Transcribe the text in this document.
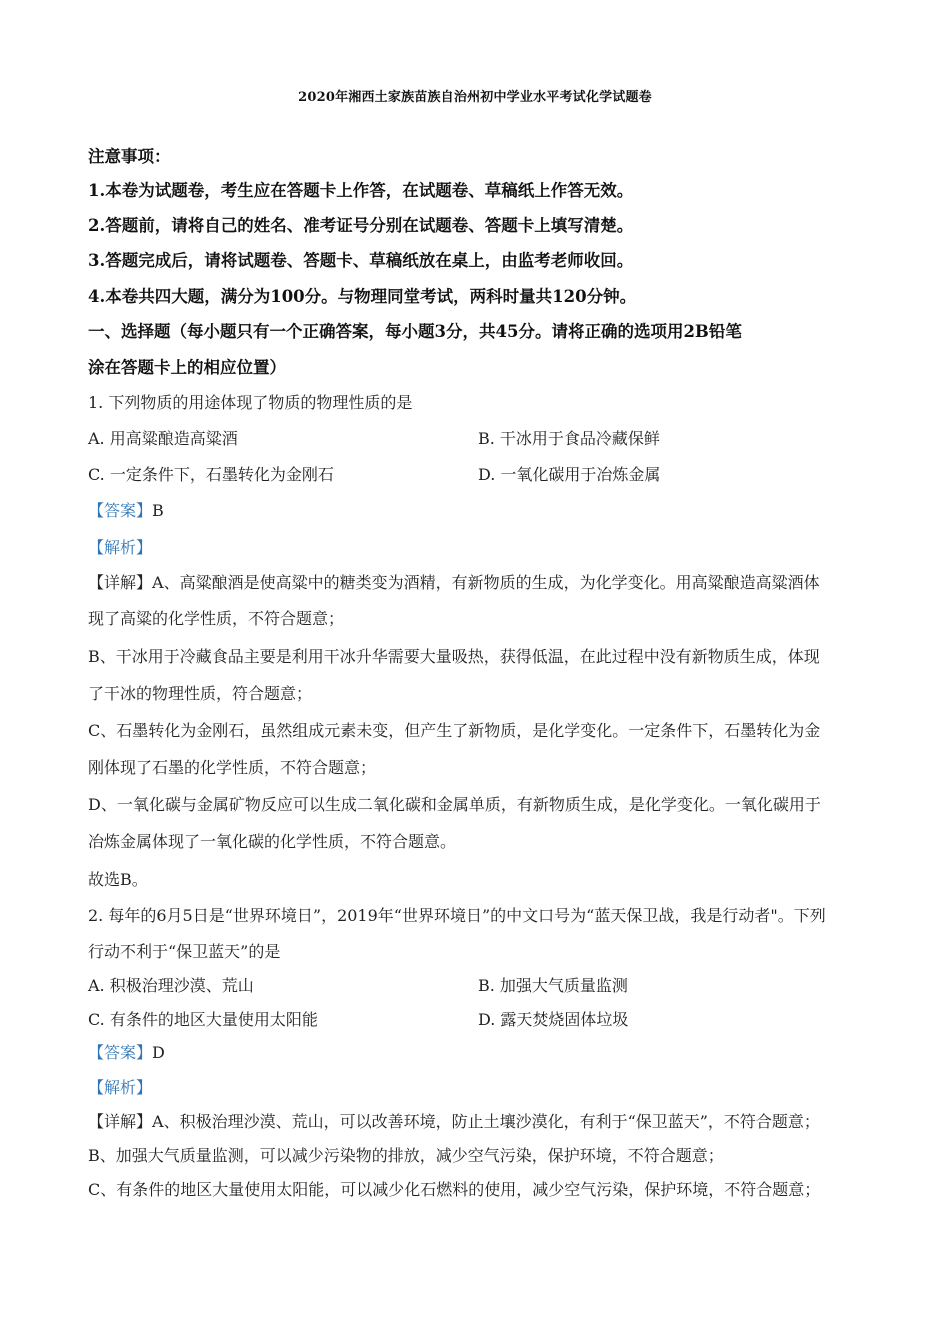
2020年湘西土家族苗族自治州初中学业水平考试化学试题卷
注意事项：
1.本卷为试题卷，考生应在答题卡上作答，在试题卷、草稿纸上作答无效。
2.答题前，请将自己的姓名、准考证号分别在试题卷、答题卡上填写清楚。
3.答题完成后，请将试题卷、答题卡、草稿纸放在桌上，由监考老师收回。
4.本卷共四大题，满分为100分。与物理同堂考试，两科时量共120分钟。
一、选择题（每小题只有一个正确答案，每小题3分，共45分。请将正确的选项用2B铅笔
涂在答题卡上的相应位置）
1. 下列物质的用途体现了物质的物理性质的是
A. 用高粱酿造高粱酒	B. 干冰用于食品冷藏保鲜
C. 一定条件下，石墨转化为金刚石	D. 一氧化碳用于冶炼金属
【答案】B
【解析】
【详解】A、高粱酿酒是使高粱中的糖类变为酒精，有新物质的生成，为化学变化。用高粱酿造高粱酒体
现了高粱的化学性质，不符合题意；
B、干冰用于冷藏食品主要是利用干冰升华需要大量吸热，获得低温，在此过程中没有新物质生成，体现
了干冰的物理性质，符合题意；
C、石墨转化为金刚石，虽然组成元素未变，但产生了新物质，是化学变化。一定条件下，石墨转化为金
刚体现了石墨的化学性质，不符合题意；
D、一氧化碳与金属矿物反应可以生成二氧化碳和金属单质，有新物质生成，是化学变化。一氧化碳用于
冶炼金属体现了一氧化碳的化学性质，不符合题意。
故选B。
2. 每年的6月5日是“世界环境日”，2019年“世界环境日”的中文口号为“蓝天保卫战，我是行动者"。下列
行动不利于“保卫蓝天”的是
A. 积极治理沙漠、荒山	B. 加强大气质量监测
C. 有条件的地区大量使用太阳能	D. 露天焚烧固体垃圾
【答案】D
【解析】
【详解】A、积极治理沙漠、荒山，可以改善环境，防止土壤沙漠化，有利于“保卫蓝天”，不符合题意；
B、加强大气质量监测，可以减少污染物的排放，减少空气污染，保护环境，不符合题意；
C、有条件的地区大量使用太阳能，可以减少化石燃料的使用，减少空气污染，保护环境，不符合题意；
